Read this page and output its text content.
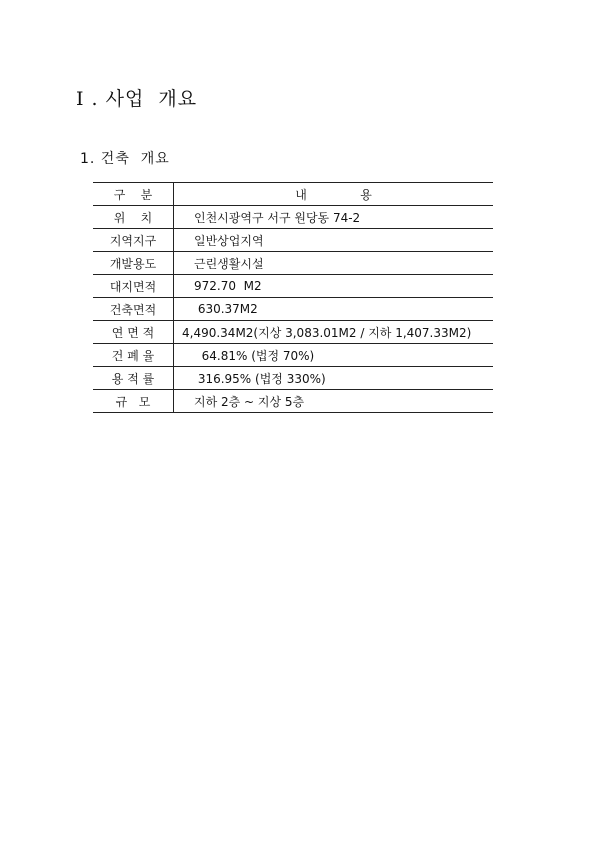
Ⅰ . 사업  개요
1. 건축  개요
구    분	내              용
위    치	인천시광역구 서구 원당동 74-2
지역지구	일반상업지역
개발용도	근린생활시설
대지면적	972.70  M2
건축면적	630.37M2
연 면 적	4,490.34M2(지상 3,083.01M2 / 지하 1,407.33M2)
건 폐 율	64.81% (법정 70%)
용 적 률	316.95% (법정 330%)
규   모	지하 2층 ~ 지상 5층
